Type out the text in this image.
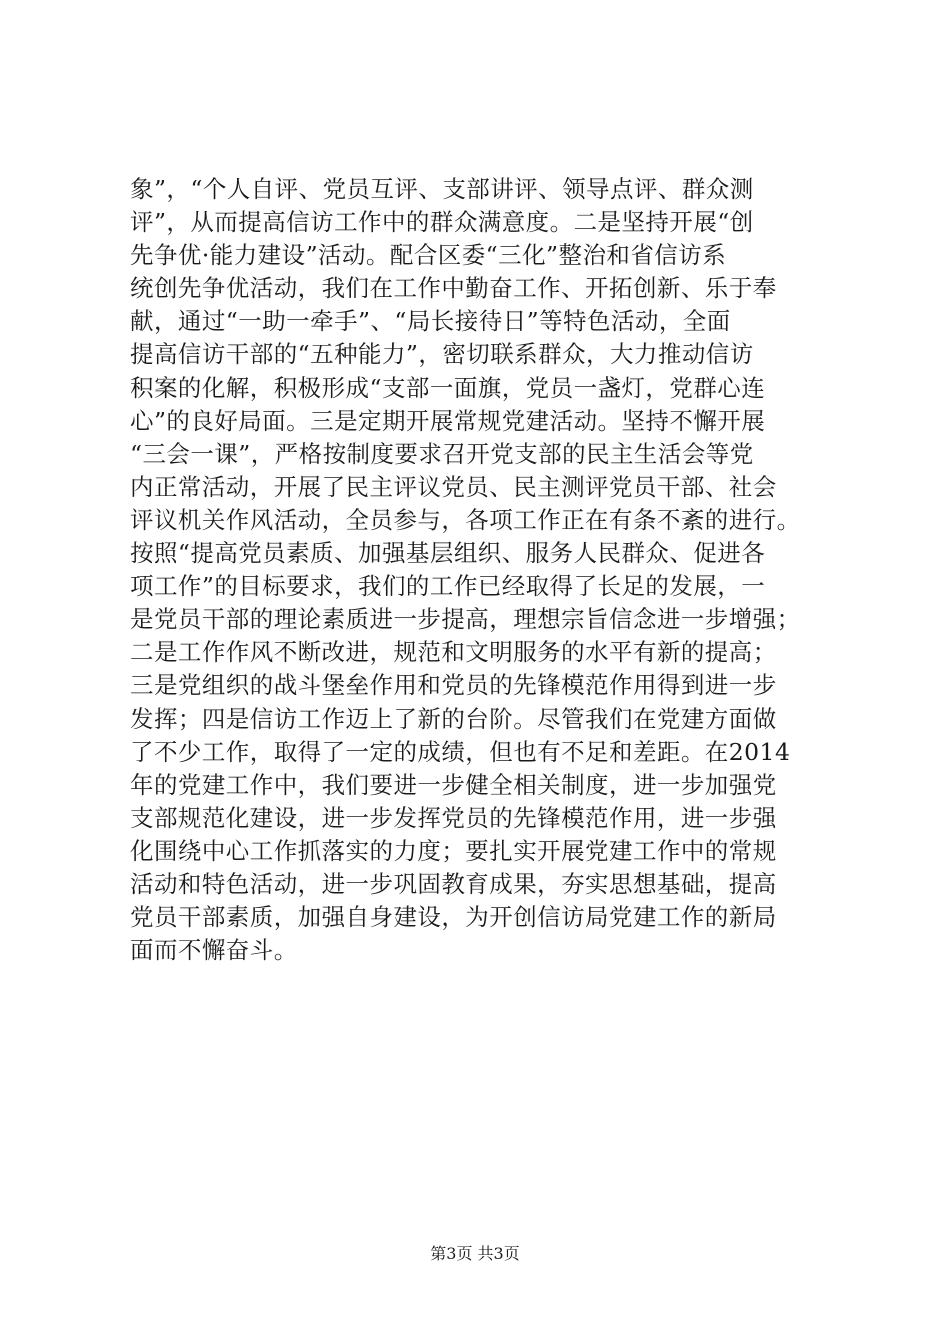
象”，“个人自评、党员互评、支部讲评、领导点评、群众测
评”，从而提高信访工作中的群众满意度。二是坚持开展“创
先争优·能力建设”活动。配合区委“三化”整治和省信访系
统创先争优活动，我们在工作中勤奋工作、开拓创新、乐于奉
献，通过“一助一牵手”、“局长接待日”等特色活动，全面
提高信访干部的“五种能力”，密切联系群众，大力推动信访
积案的化解，积极形成“支部一面旗，党员一盏灯，党群心连
心”的良好局面。三是定期开展常规党建活动。坚持不懈开展
“三会一课”，严格按制度要求召开党支部的民主生活会等党
内正常活动，开展了民主评议党员、民主测评党员干部、社会
评议机关作风活动，全员参与，各项工作正在有条不紊的进行。
按照“提高党员素质、加强基层组织、服务人民群众、促进各
项工作”的目标要求，我们的工作已经取得了长足的发展，一
是党员干部的理论素质进一步提高，理想宗旨信念进一步增强；
二是工作作风不断改进，规范和文明服务的水平有新的提高；
三是党组织的战斗堡垒作用和党员的先锋模范作用得到进一步
发挥；四是信访工作迈上了新的台阶。尽管我们在党建方面做
了不少工作，取得了一定的成绩，但也有不足和差距。在2014
年的党建工作中，我们要进一步健全相关制度，进一步加强党
支部规范化建设，进一步发挥党员的先锋模范作用，进一步强
化围绕中心工作抓落实的力度；要扎实开展党建工作中的常规
活动和特色活动，进一步巩固教育成果，夯实思想基础，提高
党员干部素质，加强自身建设，为开创信访局党建工作的新局
面而不懈奋斗。
第3页 共3页
